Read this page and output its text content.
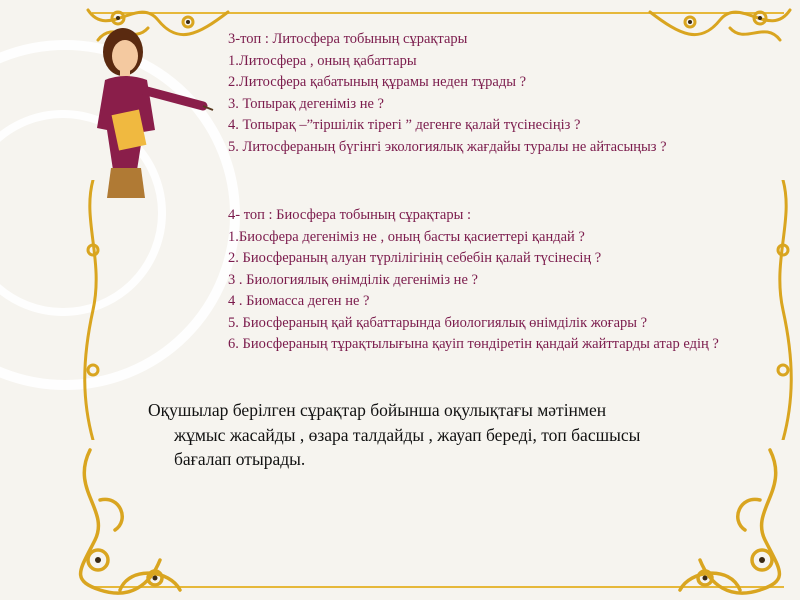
3-топ : Литосфера тобының сұрақтары
1.Литосфера , оның қабаттары
2.Литосфера қабатының құрамы неден тұрады ?
3. Топырақ дегеніміз не ?
4. Топырақ –”тіршілік тірегі ” дегенге қалай түсінесіңіз ?
5. Литосфераның бүгінгі экологиялық жағдайы туралы не айтасыңыз ?
4- топ : Биосфера тобының сұрақтары :
1.Биосфера дегеніміз не , оның басты қасиеттері қандай ?
2. Биосфераның алуан түрлілігінің себебін қалай түсінесің ?
3 . Биологиялық өнімділік дегеніміз не ?
4 . Биомасса деген не ?
5. Биосфераның қай қабаттарында биологиялық өнімділік жоғары ?
6. Биосфераның тұрақтылығына қауіп төндіретін қандай жайттарды атар едің ?
Оқушылар берілген сұрақтар бойынша оқулықтағы мәтінмен
жұмыс жасайды , өзара талдайды , жауап береді, топ басшысы
бағалап отырады.
